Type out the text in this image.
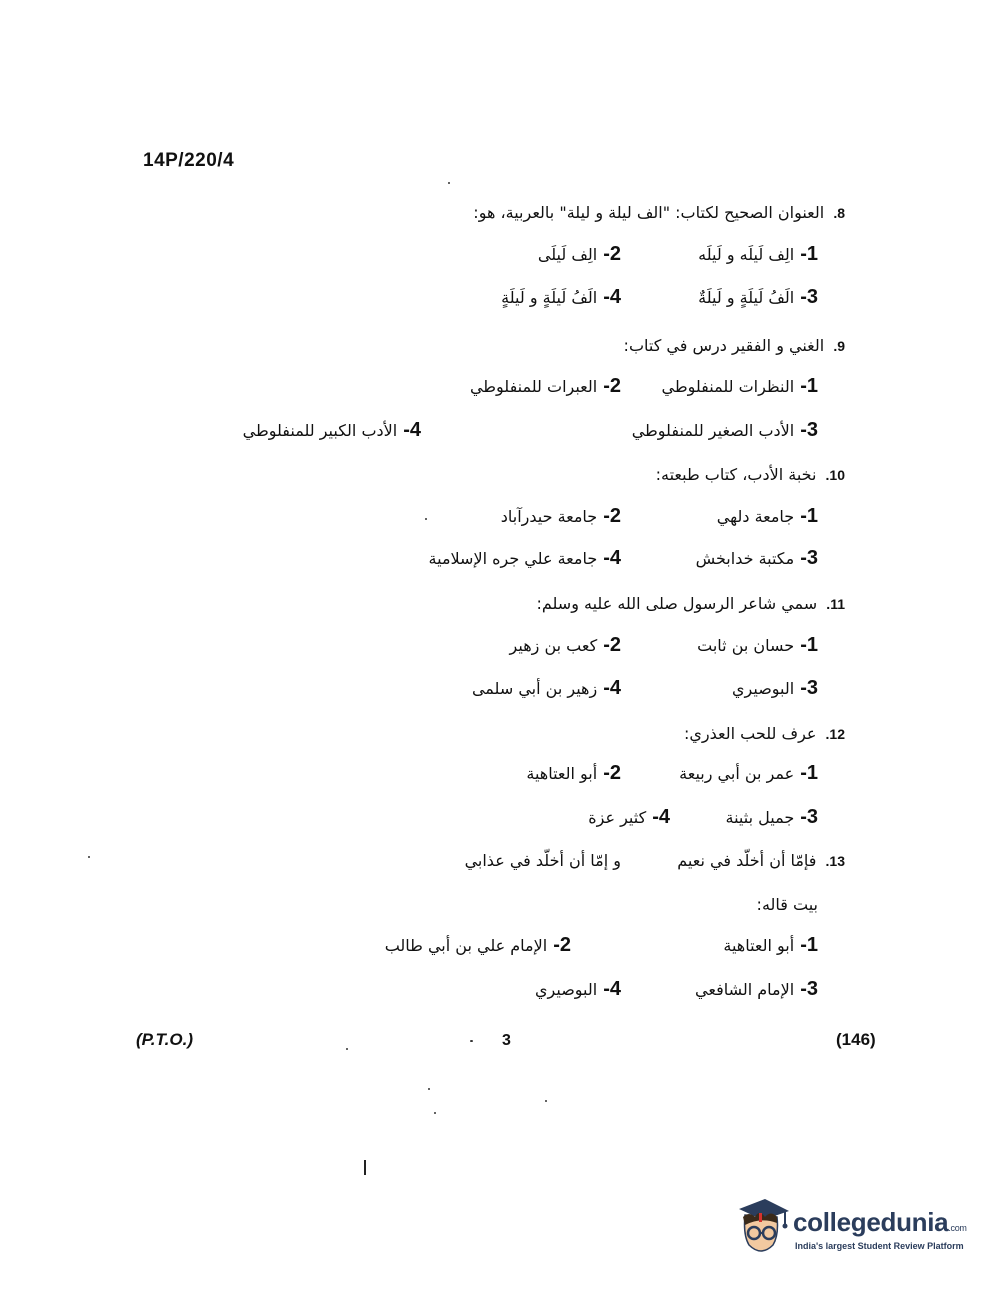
14P/220/4
8. العنوان الصحيح لكتاب: "الف ليلة و ليلة" بالعربية، هو:
1-الِف لَيلَه و لَيلَه
2-الِف لَيلَى
3-الَفُ لَيلَةٍ و لَيلَةٌ
4-الَفُ لَيلَةٍ و لَيلَةٍ
9. الغني و الفقير درس في كتاب:
1-النظرات للمنفلوطي
2-العبرات للمنفلوطي
3-الأدب الصغير للمنفلوطي
4-الأدب الكبير للمنفلوطي
10. نخبة الأدب، كتاب طبعته:
1-جامعة دلهي
2-جامعة حيدرآباد
3-مكتبة خدابخش
4-جامعة علي جره الإسلامية
11. سمي شاعر الرسول صلى الله عليه وسلم:
1-حسان بن ثابت
2-كعب بن زهير
3-البوصيري
4-زهير بن أبي سلمى
12. عرف للحب العذري:
1-عمر بن أبي ربيعة
2-أبو العتاهية
3-جميل بثينة
4-كثير عزة
13. فإمّا أن أخلّد في نعيم
و إمّا أن أخلّد في عذابي
بيت قاله:
1-أبو العتاهية
2-الإمام علي بن أبي طالب
3-الإمام الشافعي
4-البوصيري
(P.T.O.)	3	(146)
collegedunia.com
India's largest Student Review Platform
